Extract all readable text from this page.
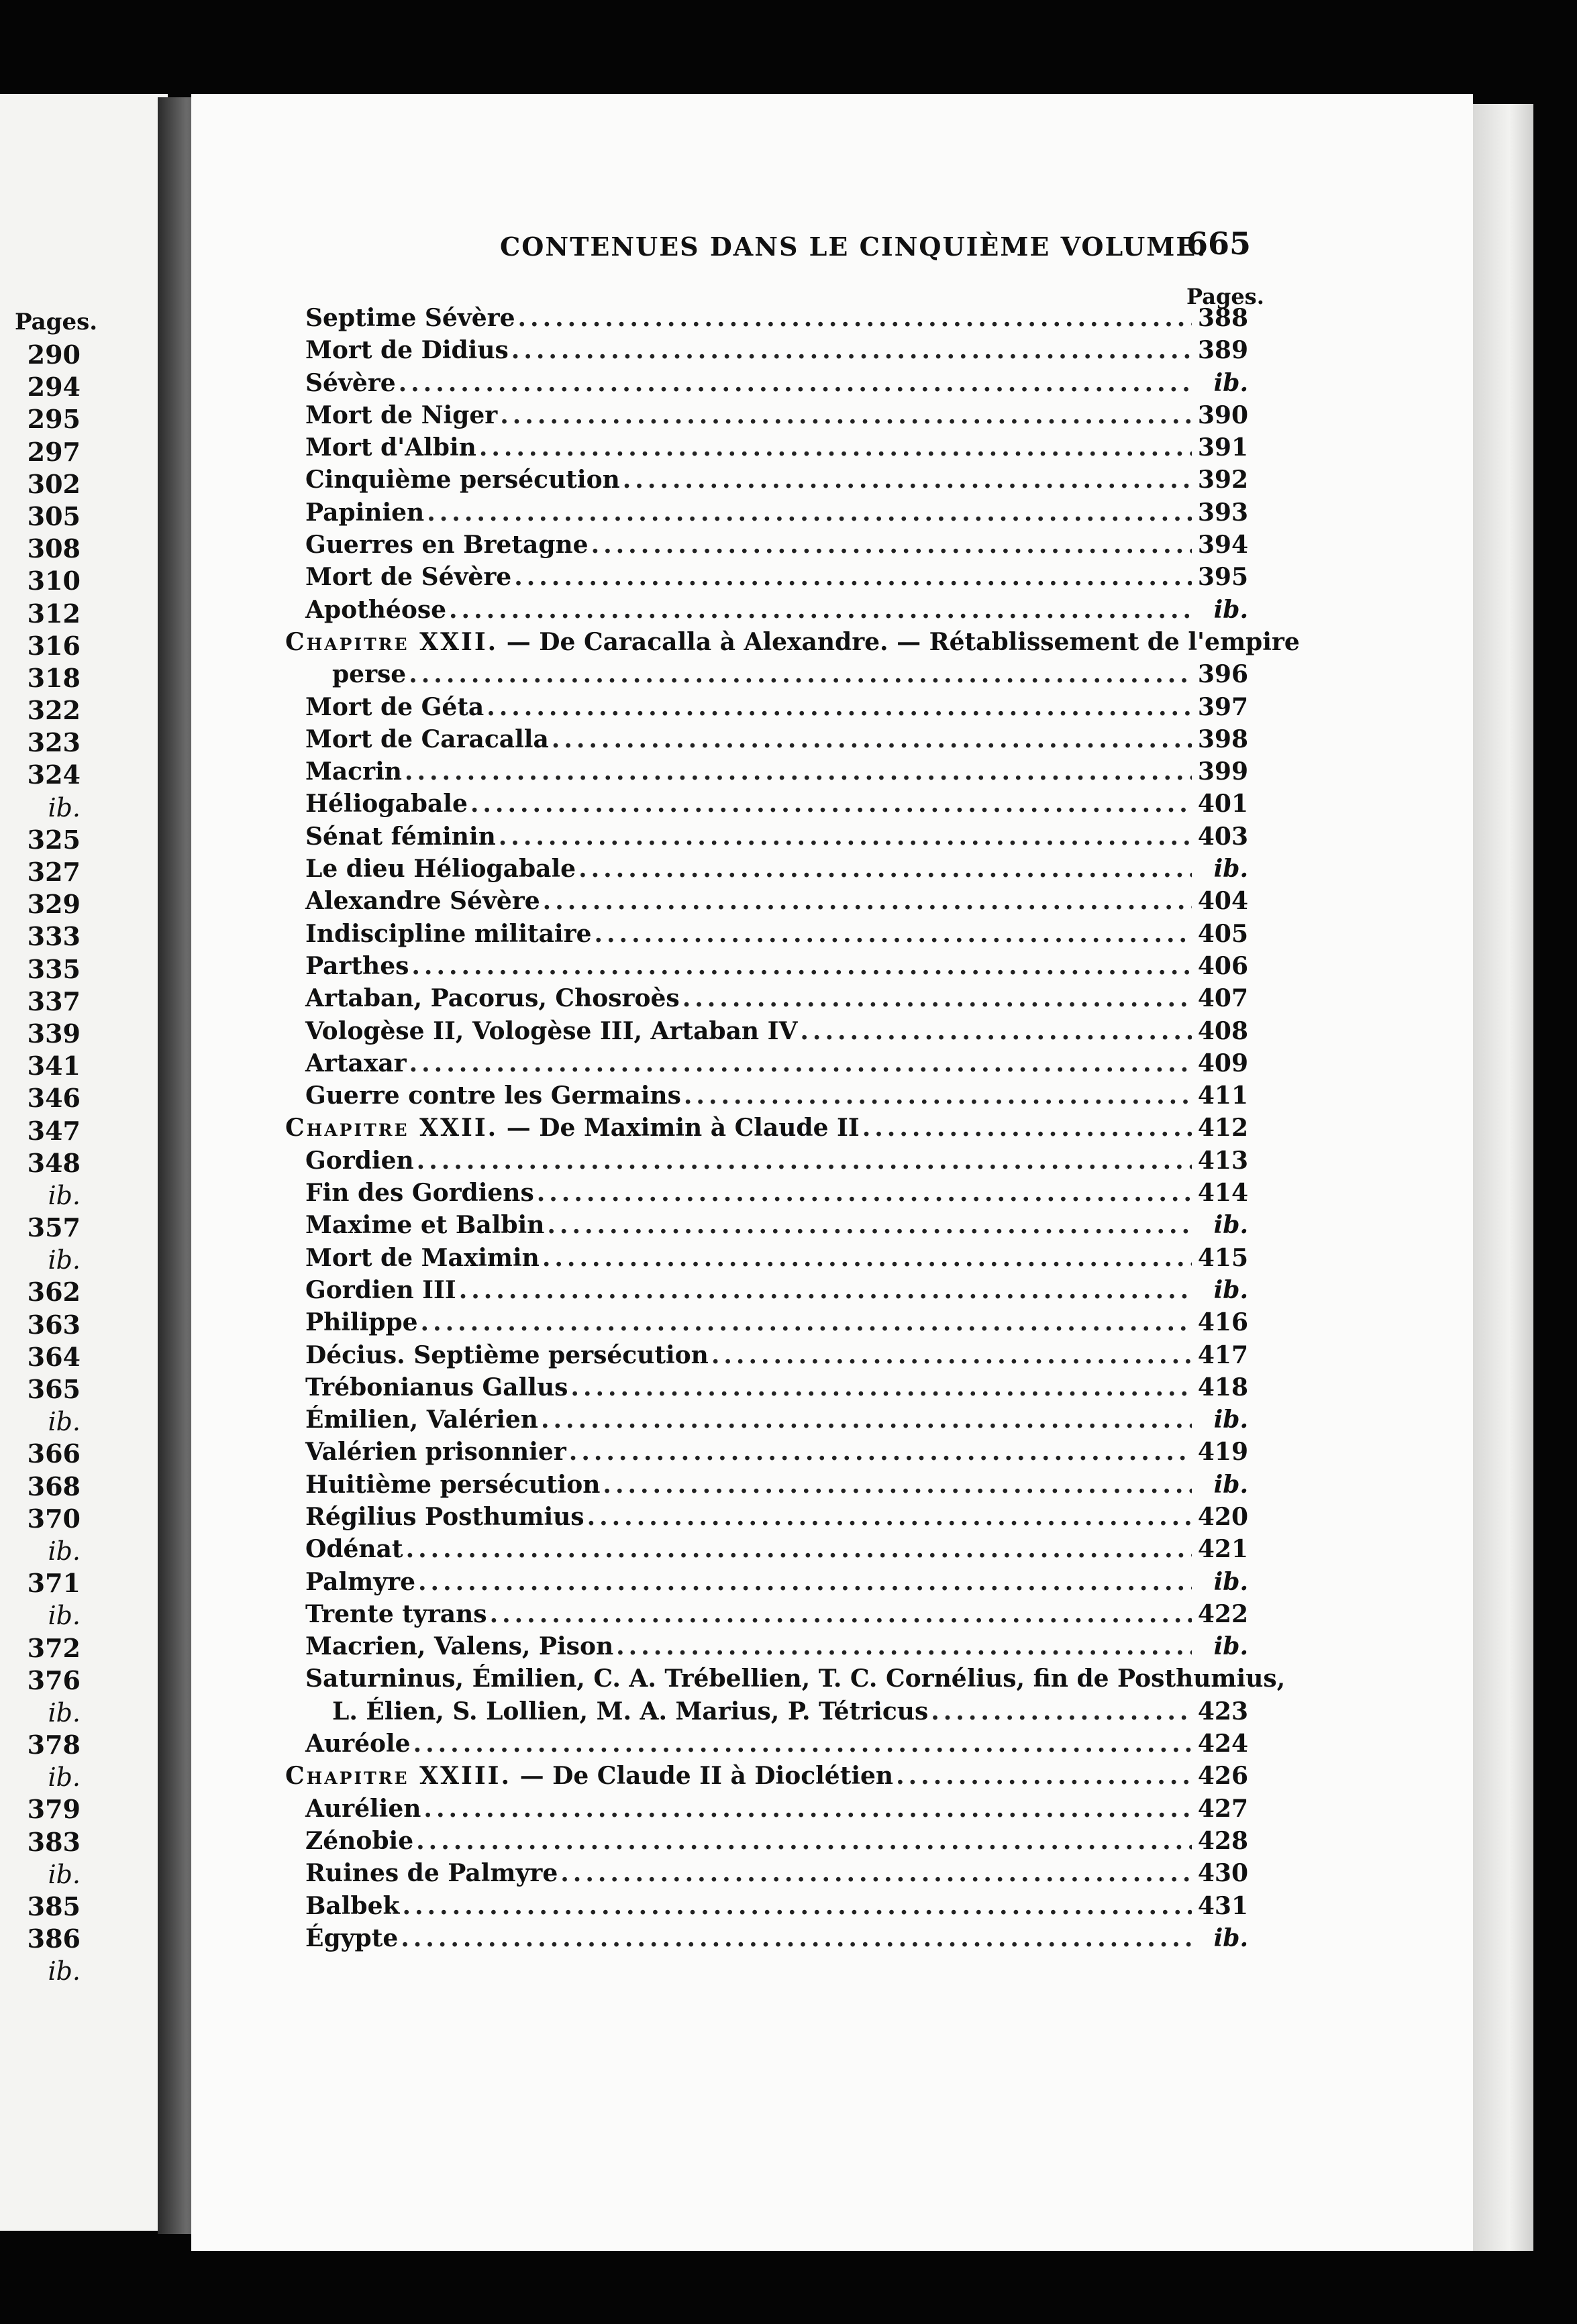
Pages.
290
294
295
297
302
305
308
310
312
316
318
322
323
324
ib.
325
327
329
333
335
337
339
341
346
347
348
ib.
357
ib.
362
363
364
365
ib.
366
368
370
ib.
371
ib.
372
376
ib.
378
ib.
379
383
ib.
385
386
ib.
CONTENUES DANS LE CINQUIÈME VOLUME.
665
Pages.
Septime Sévère .....	388
Mort de Didius .....	389
Sévère .....	ib.
Mort de Niger .....	390
Mort d'Albin .....	391
Cinquième persécution .....	392
Papinien .....	393
Guerres en Bretagne .....	394
Mort de Sévère .....	395
Apothéose .....	ib.
Chapitre XXII. — De Caracalla à Alexandre. — Rétablissement de l'empire
perse .....	396
Mort de Géta .....	397
Mort de Caracalla .....	398
Macrin .....	399
Héliogabale .....	401
Sénat féminin .....	403
Le dieu Héliogabale .....	ib.
Alexandre Sévère .....	404
Indiscipline militaire .....	405
Parthes .....	406
Artaban, Pacorus, Chosroès .....	407
Vologèse II, Vologèse III, Artaban IV .....	408
Artaxar .....	409
Guerre contre les Germains .....	411
Chapitre XXII. — De Maximin à Claude II .....	412
Gordien .....	413
Fin des Gordiens .....	414
Maxime et Balbin .....	ib.
Mort de Maximin .....	415
Gordien III .....	ib.
Philippe .....	416
Décius. Septième persécution .....	417
Trébonianus Gallus .....	418
Émilien, Valérien .....	ib.
Valérien prisonnier .....	419
Huitième persécution .....	ib.
Régilius Posthumius .....	420
Odénat .....	421
Palmyre .....	ib.
Trente tyrans .....	422
Macrien, Valens, Pison .....	ib.
Saturninus, Émilien, C. A. Trébellien, T. C. Cornélius, fin de Posthumius,
L. Élien, S. Lollien, M. A. Marius, P. Tétricus .....	423
Auréole .....	424
Chapitre XXIII. — De Claude II à Dioclétien .....	426
Aurélien .....	427
Zénobie .....	428
Ruines de Palmyre .....	430
Balbek .....	431
Égypte .....	ib.
